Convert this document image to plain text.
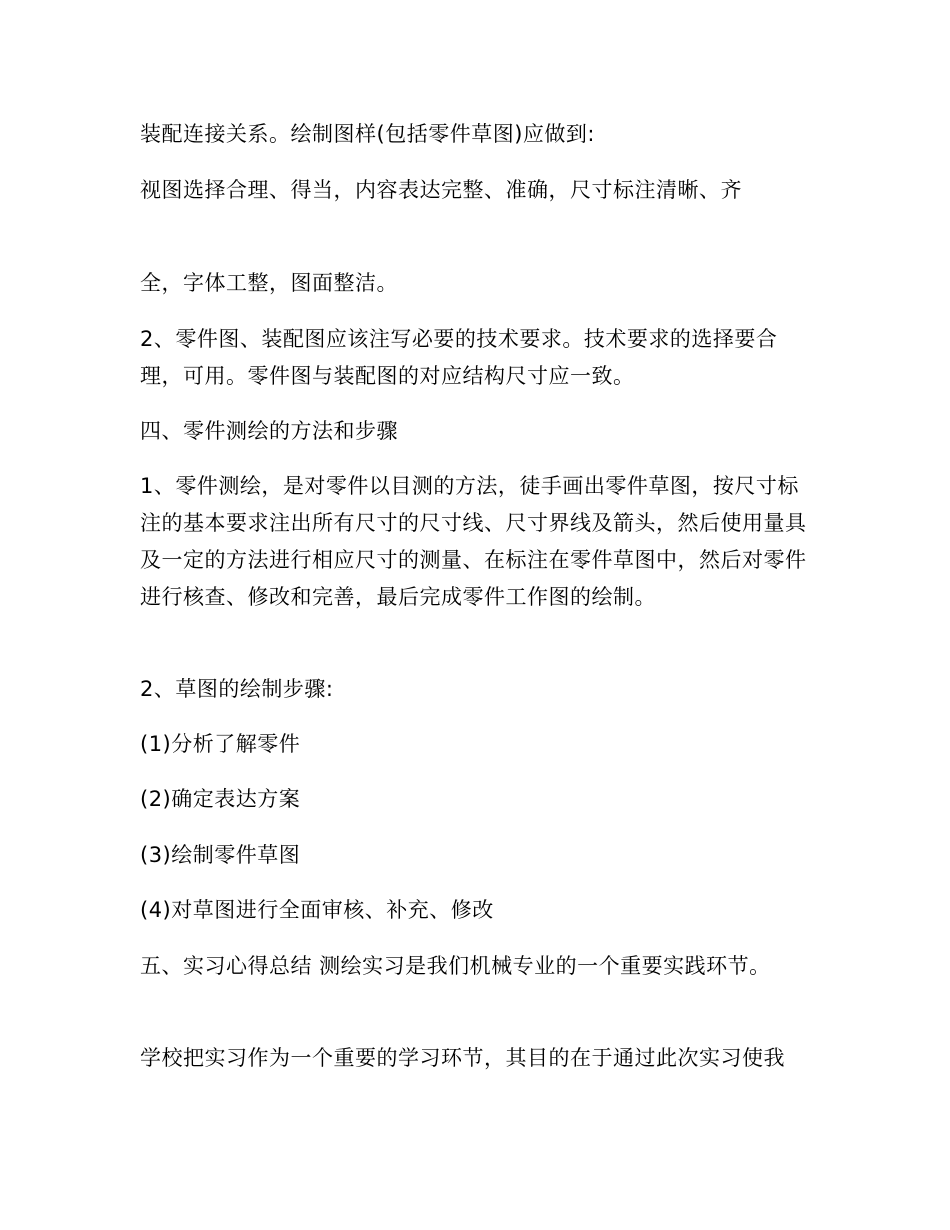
装配连接关系。绘制图样(包括零件草图)应做到:

视图选择合理、得当，内容表达完整、准确，尺寸标注清晰、齐

全，字体工整，图面整洁。

2、零件图、装配图应该注写必要的技术要求。技术要求的选择要合理，可用。零件图与装配图的对应结构尺寸应一致。

四、零件测绘的方法和步骤

1、零件测绘，是对零件以目测的方法，徒手画出零件草图，按尺寸标注的基本要求注出所有尺寸的尺寸线、尺寸界线及箭头，然后使用量具及一定的方法进行相应尺寸的测量、在标注在零件草图中，然后对零件进行核查、修改和完善，最后完成零件工作图的绘制。

2、草图的绘制步骤:

(1)分析了解零件

(2)确定表达方案

(3)绘制零件草图

(4)对草图进行全面审核、补充、修改

五、实习心得总结 测绘实习是我们机械专业的一个重要实践环节。

学校把实习作为一个重要的学习环节，其目的在于通过此次实习使我
